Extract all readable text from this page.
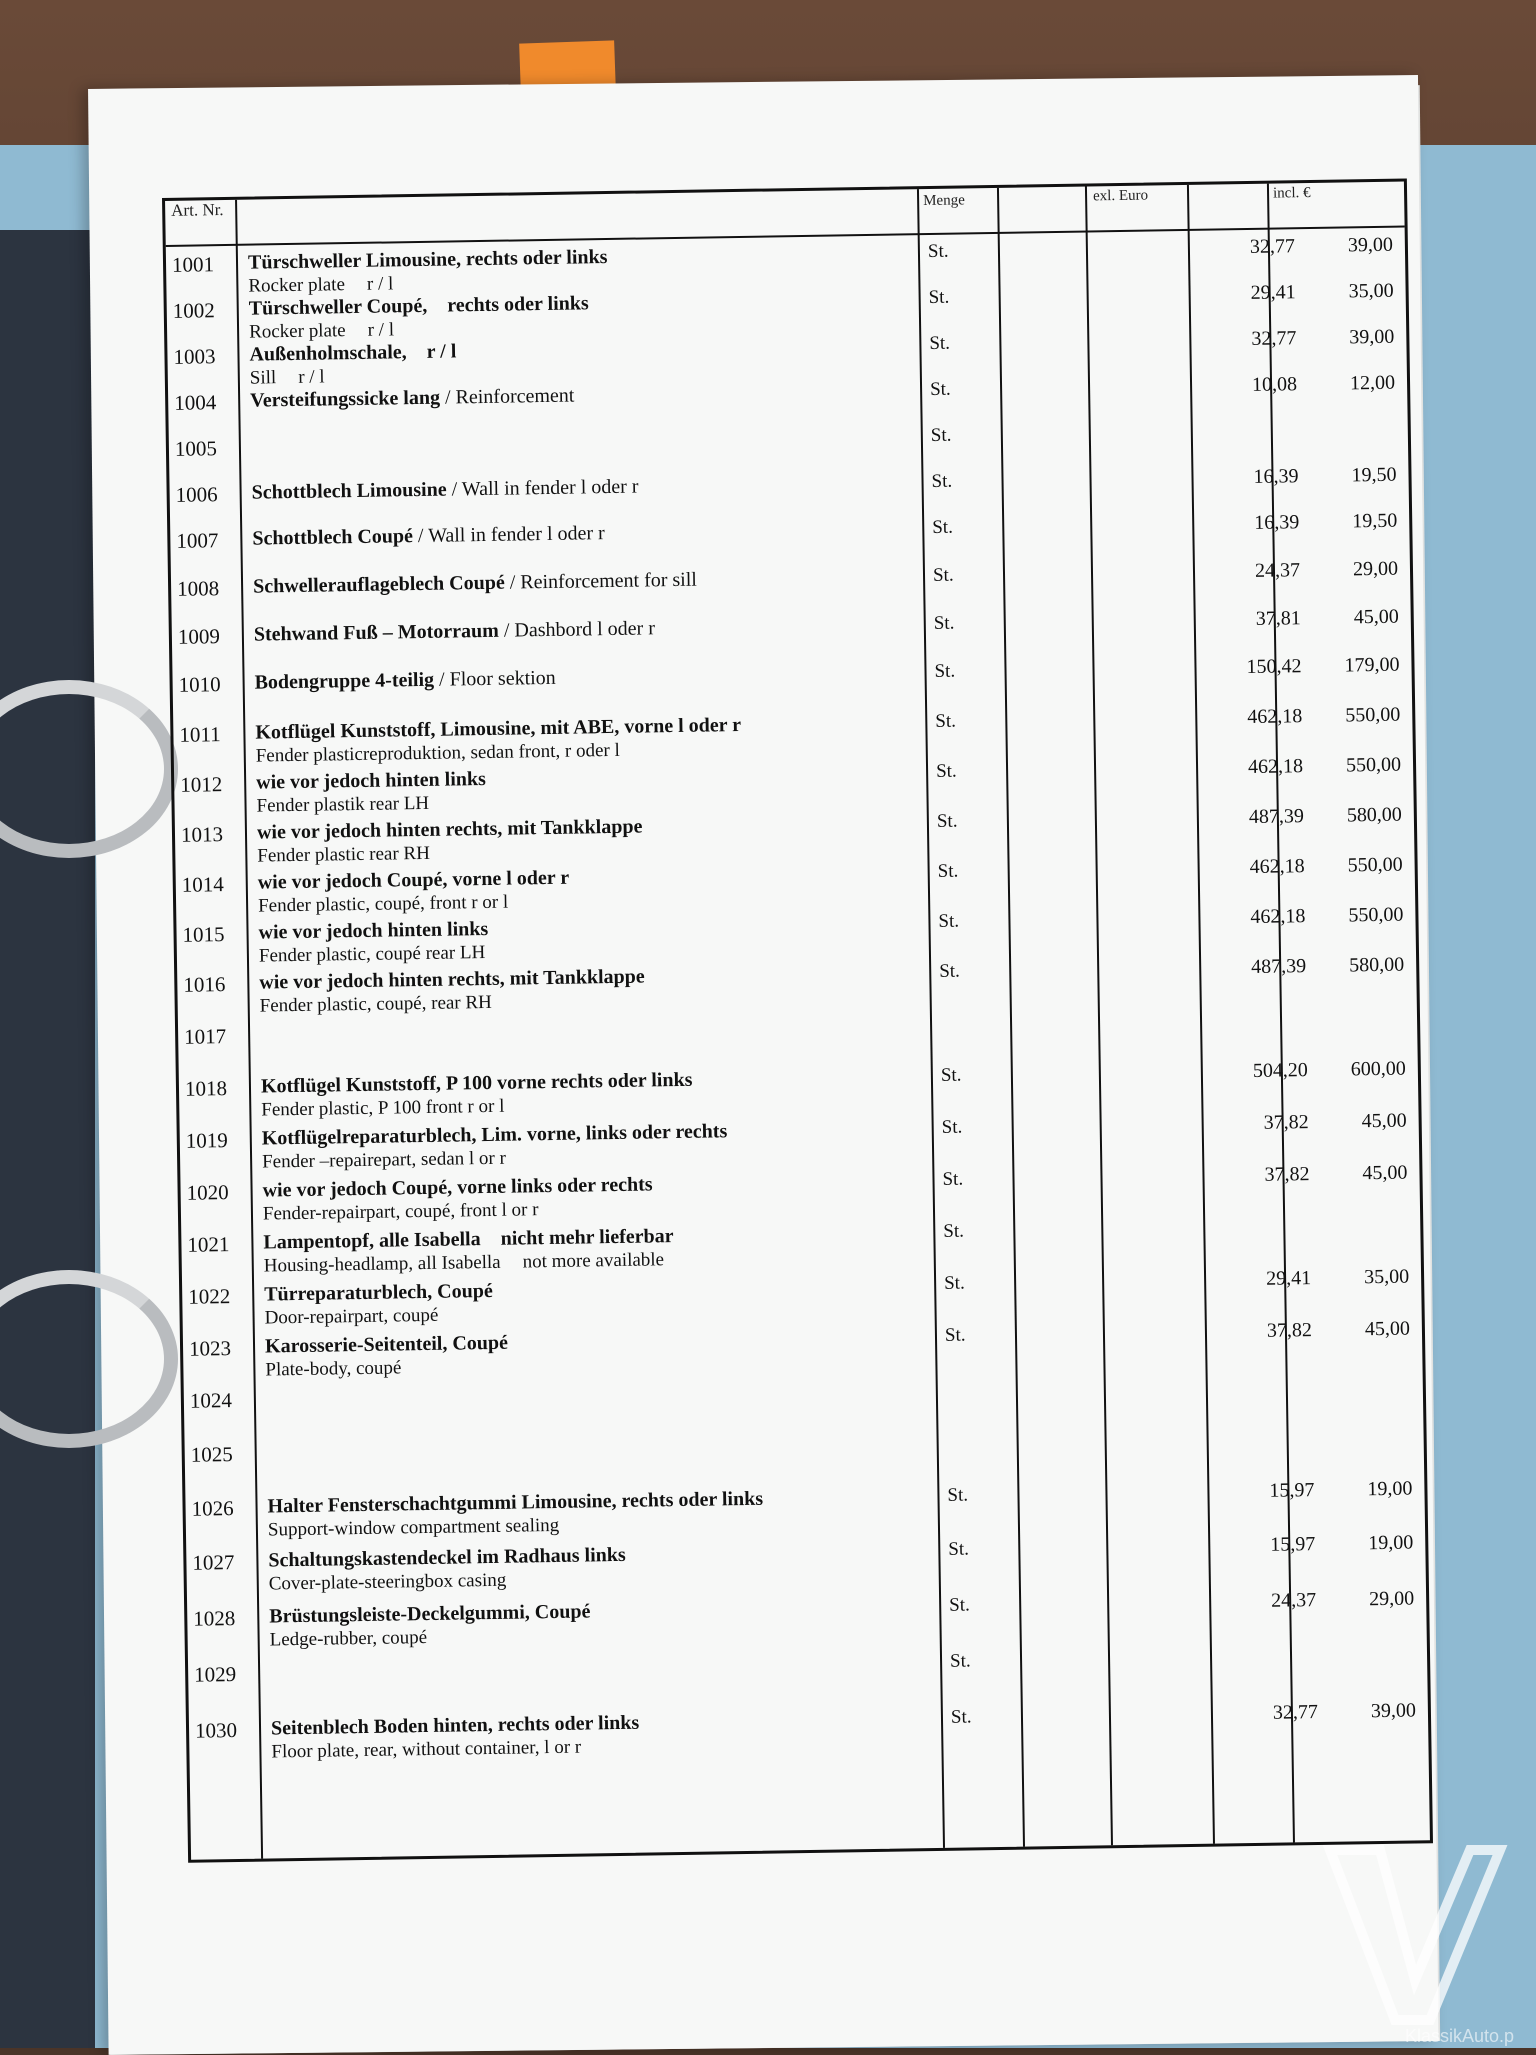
Art. Nr.	Menge	exl. Euro	incl. €
1001 Türschweller Limousine, rechts oder links
Rocker plate r / l
St.	32,77	39,00
1002 Türschweller Coupé, rechts oder links
Rocker plate r / l
St.	29,41	35,00
1003 Außenholmschale, r / l
Sill r / l
St.	32,77	39,00
1004 Versteifungssicke lang / Reinforcement	St.	10,08	12,00
1005
St.
1006 Schottblech Limousine / Wall in fender l oder r	St.	16,39	19,50
1007 Schottblech Coupé / Wall in fender l oder r	St.	16,39	19,50
1008 Schwellerauflageblech Coupé / Reinforcement for sill	St.	24,37	29,00
1009 Stehwand Fuß – Motorraum / Dashbord l oder r	St.	37,81	45,00
1010 Bodengruppe 4-teilig / Floor sektion	St.	150,42 179,00
1011 Kotflügel Kunststoff, Limousine, mit ABE, vorne l oder r
Fender plasticreproduktion, sedan front, r oder l
St.	462,18 550,00
1012 wie vor jedoch hinten links
Fender plastik rear LH
St.	462,18 550,00
1013 wie vor jedoch hinten rechts, mit Tankklappe
Fender plastic rear RH
St.	487,39 580,00
1014 wie vor jedoch Coupé, vorne l oder r
Fender plastic, coupé, front r or l
St.	462,18 550,00
1015 wie vor jedoch hinten links
Fender plastic, coupé rear LH
St.	462,18 550,00
1016 wie vor jedoch hinten rechts, mit Tankklappe
Fender plastic, coupé, rear RH
St.	487,39 580,00
1017
1018 Kotflügel Kunststoff, P 100 vorne rechts oder links
Fender plastic, P 100 front r or l
St.	504,20 600,00
1019 Kotflügelreparaturblech, Lim. vorne, links oder rechts
Fender –repairepart, sedan l or r
St.	37,82	45,00
1020 wie vor jedoch Coupé, vorne links oder rechts
Fender-repairpart, coupé, front l or r
St.	37,82	45,00
1021 Lampentopf, alle Isabella nicht mehr lieferbar
Housing-headlamp, all Isabella not more available
St.
1022 Türreparaturblech, Coupé
Door-repairpart, coupé
St.	29,41	35,00
1023 Karosserie-Seitenteil, Coupé
Plate-body, coupé
St.	37,82	45,00
1024
1025
1026 Halter Fensterschachtgummi Limousine, rechts oder links
Support-window compartment sealing
St.	15,97	19,00
1027 Schaltungskastendeckel im Radhaus links
Cover-plate-steeringbox casing
St.	15,97	19,00
1028 Brüstungsleiste-Deckelgummi, Coupé
Ledge-rubber, coupé
St.	24,37	29,00
1029
St.
1030 Seitenblech Boden hinten, rechts oder links
Floor plate, rear, without container, l or r
St.	32,77	39,00
KlassikAuto.p
